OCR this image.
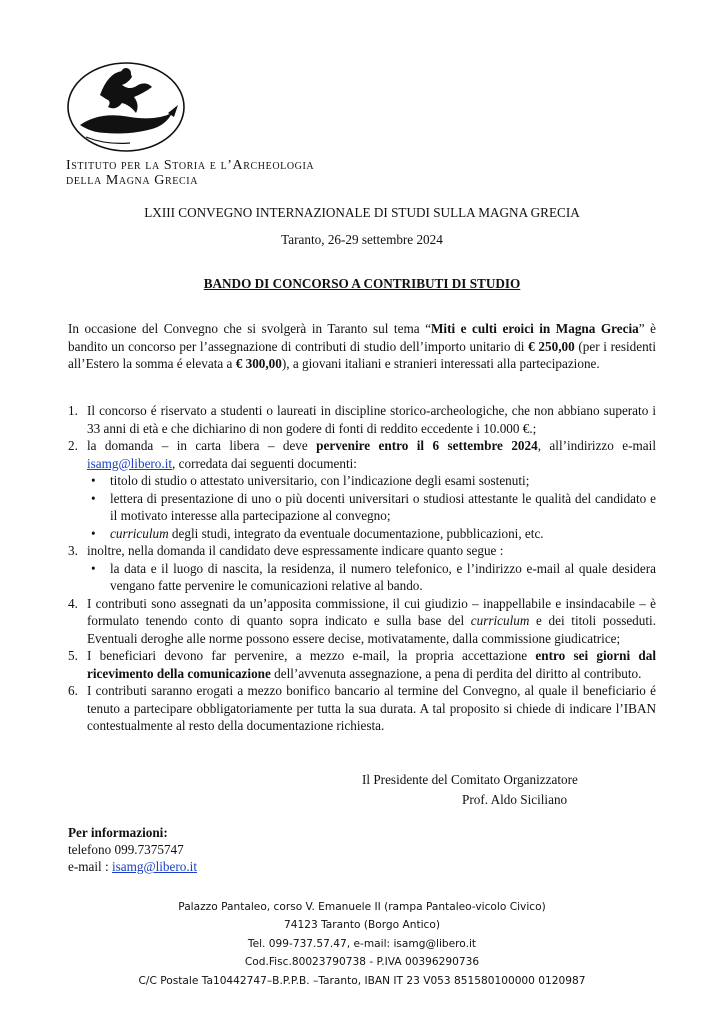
Istituto per la Storia e l’Archeologia
della Magna Grecia
LXIII CONVEGNO INTERNAZIONALE DI STUDI SULLA MAGNA GRECIA
Taranto, 26-29 settembre 2024
BANDO DI CONCORSO A CONTRIBUTI DI STUDIO
In occasione del Convegno che si svolgerà in Taranto sul tema “Miti e culti eroici in Magna Grecia” è bandito un concorso per l’assegnazione di contributi di studio dell’importo unitario di € 250,00 (per i residenti all’Estero la somma é elevata a € 300,00), a giovani italiani e stranieri interessati alla partecipazione.
1. Il concorso é riservato a studenti o laureati in discipline storico-archeologiche, che non abbiano superato i 33 anni di età e che dichiarino di non godere di fonti di reddito eccedente i 10.000 €.;
2. la domanda – in carta libera – deve pervenire entro il 6 settembre 2024, all’indirizzo e-mail isamg@libero.it, corredata dai seguenti documenti:
• titolo di studio o attestato universitario, con l’indicazione degli esami sostenuti;
• lettera di presentazione di uno o più docenti universitari o studiosi attestante le qualità del candidato e il motivato interesse alla partecipazione al convegno;
• curriculum degli studi, integrato da eventuale documentazione, pubblicazioni, etc.
3. inoltre, nella domanda il candidato deve espressamente indicare quanto segue :
• la data e il luogo di nascita, la residenza, il numero telefonico, e l’indirizzo e-mail al quale desidera vengano fatte pervenire le comunicazioni relative al bando.
4. I contributi sono assegnati da un’apposita commissione, il cui giudizio – inappellabile e insindacabile – è formulato tenendo conto di quanto sopra indicato e sulla base del curriculum e dei titoli posseduti. Eventuali deroghe alle norme possono essere decise, motivatamente, dalla commissione giudicatrice;
5. I beneficiari devono far pervenire, a mezzo e-mail, la propria accettazione entro sei giorni dal ricevimento della comunicazione dell’avvenuta assegnazione, a pena di perdita del diritto al contributo.
6. I contributi saranno erogati a mezzo bonifico bancario al termine del Convegno, al quale il beneficiario é tenuto a partecipare obbligatoriamente per tutta la sua durata. A tal proposito si chiede di indicare l’IBAN contestualmente al resto della documentazione richiesta.
Il Presidente del Comitato Organizzatore
Prof. Aldo Siciliano
Per informazioni:
telefono 099.7375747
e-mail : isamg@libero.it
Palazzo Pantaleo, corso V. Emanuele II (rampa Pantaleo-vicolo Civico)
74123 Taranto (Borgo Antico)
Tel. 099-737.57.47, e-mail: isamg@libero.it
Cod.Fisc.80023790738 - P.IVA 00396290736
C/C Postale Ta10442747–B.P.P.B. –Taranto, IBAN IT 23 V053 851580100000 0120987
